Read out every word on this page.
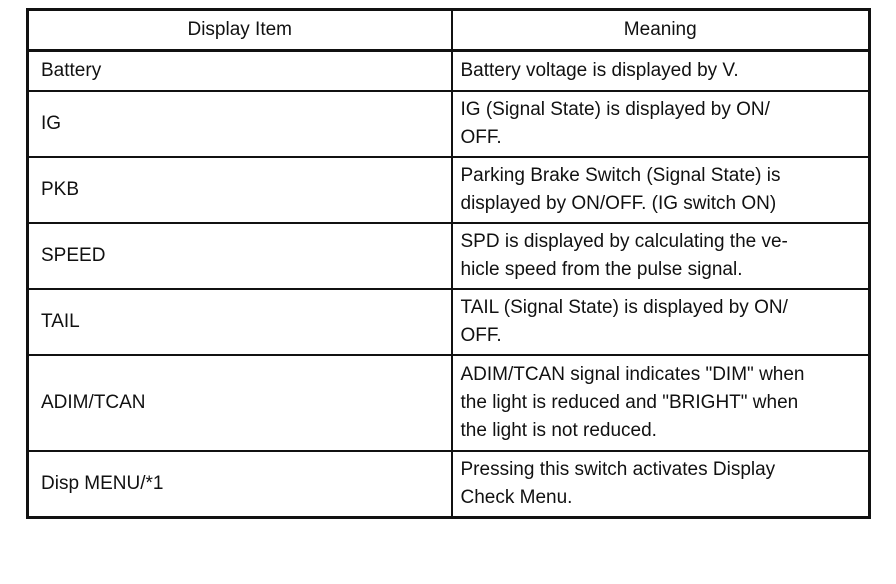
Display Item	Meaning
Battery	Battery voltage is displayed by V.
IG	IG (Signal State) is displayed by ON/
OFF.
PKB	Parking Brake Switch (Signal State) is
displayed by ON/OFF. (IG switch ON)
SPEED	SPD is displayed by calculating the ve-
hicle speed from the pulse signal.
TAIL	TAIL (Signal State) is displayed by ON/
OFF.
ADIM/TCAN	ADIM/TCAN signal indicates "DIM" when
the light is reduced and "BRIGHT" when
the light is not reduced.
Disp MENU/*1	Pressing this switch activates Display
Check Menu.
